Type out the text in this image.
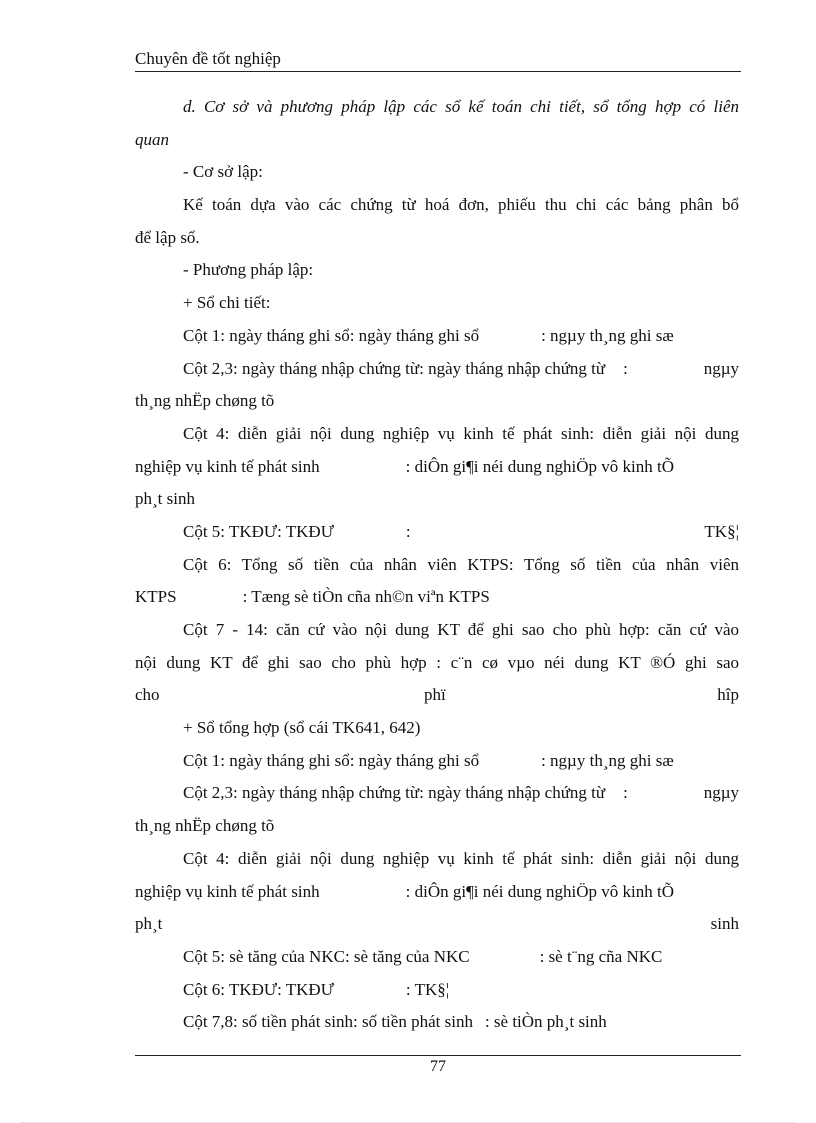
Chuyên đề tốt nghiệp

d. Cơ sở và phương pháp lập các sổ kế toán chi tiết, sổ tổng hợp có liên

quan

- Cơ sở lập:

Kế toán dựa vào các chứng từ hoá đơn, phiếu thu chi các bảng phân bổ

để lập sổ.

- Phương pháp lập:

+ Sổ chi tiết:

Cột 1: ngày tháng ghi sổ: ngày tháng ghi sổ	: ngµy th¸ng ghi sæ

Cột 2,3: ngày tháng nhập chứng từ: ngày tháng nhập chứng từ :	ngµy

th¸ng nhËp chøng tõ

Cột 4: diễn giải nội dung nghiệp vụ kinh tế phát sinh: diễn giải nội dung

nghiệp vụ kinh tế phát sinh	: diÔn gi¶i néi dung nghiÖp vô kinh tÕ

ph¸t sinh

Cột 5: TKĐƯ: TKĐƯ	:	TK§¦

Cột 6: Tổng số tiền của nhân viên KTPS: Tổng số tiền của nhân viên

KTPS	: Tæng sè tiÒn cña nh©n viªn KTPS

Cột 7 - 14: căn cứ vào nội dung KT để ghi sao cho phù hợp: căn cứ vào

nội dung KT để ghi sao cho phù hợp : c¨n cø vµo néi dung KT ®Ó ghi sao

cho	phï	hîp

+ Sổ tổng hợp (sổ cái TK641, 642)

Cột 1: ngày tháng ghi sổ: ngày tháng ghi sổ	: ngµy th¸ng ghi sæ

Cột 2,3: ngày tháng nhập chứng từ: ngày tháng nhập chứng từ :	ngµy

th¸ng nhËp chøng tõ

Cột 4: diễn giải nội dung nghiệp vụ kinh tế phát sinh: diễn giải nội dung

nghiệp vụ kinh tế phát sinh	: diÔn gi¶i néi dung nghiÖp vô kinh tÕ

ph¸t	sinh

Cột 5: sè tăng của NKC: sè tăng của NKC	: sè t¨ng cña NKC

Cột 6: TKĐƯ: TKĐƯ	: TK§¦

Cột 7,8: số tiền phát sinh: số tiền phát sinh : sè tiÒn ph¸t sinh

77
